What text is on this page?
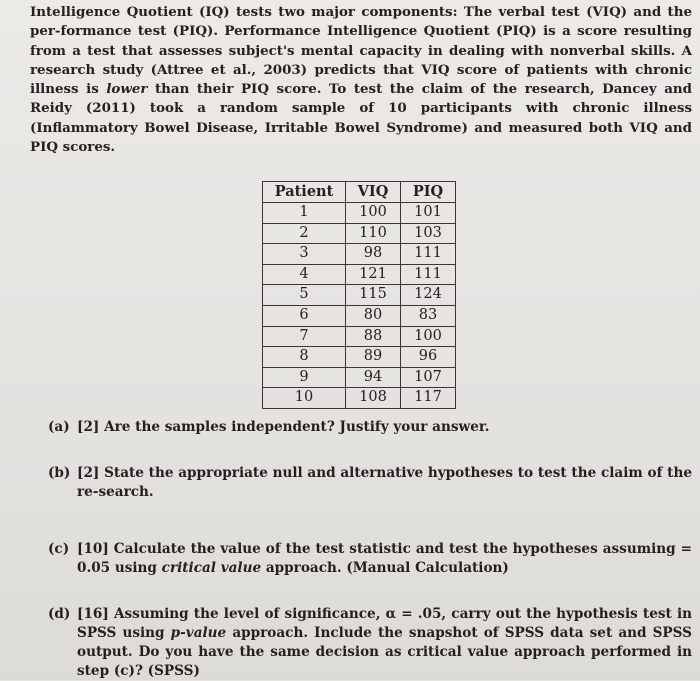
Intelligence Quotient (IQ) tests two major components: The verbal test (VIQ) and the per-formance test (PIQ). Performance Intelligence Quotient (PIQ) is a score resulting from a test that assesses subject's mental capacity in dealing with nonverbal skills. A research study (Attree et al., 2003) predicts that VIQ score of patients with chronic illness is lower than their PIQ score. To test the claim of the research, Dancey and Reidy (2011) took a random sample of 10 participants with chronic illness (Inflammatory Bowel Disease, Irritable Bowel Syndrome) and measured both VIQ and PIQ scores.

Patient	VIQ	PIQ
1	100	101
2	110	103
3	98	111
4	121	111
5	115	124
6	80	83
7	88	100
8	89	96
9	94	107
10	108	117
(a)	[ 2 ] Are the samples independent? Justify your answer.
(b) [ 2 ] State the appropriate null and alternative hypotheses to test the claim of the re-search.
(c)	[ 10 ] Calculate the value of the test statistic and test the hypotheses assuming = 0.05 using critical value approach. (Manual Calculation)
(d) [ 16 ] Assuming the level of significance, α = .05, carry out the hypothesis test in SPSS using p-value approach. Include the snapshot of SPSS data set and SPSS output. Do you have the same decision as critical value approach performed in step (c)? (SPSS)
